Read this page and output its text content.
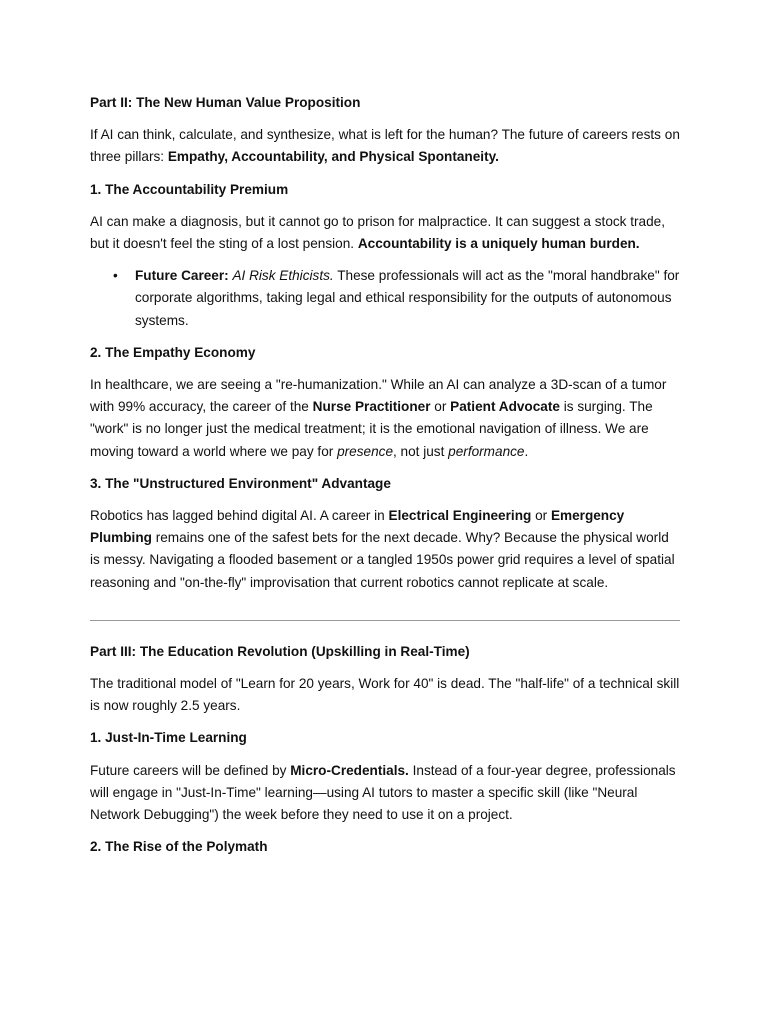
Part II: The New Human Value Proposition

If AI can think, calculate, and synthesize, what is left for the human? The future of careers rests on three pillars: Empathy, Accountability, and Physical Spontaneity.

1. The Accountability Premium

AI can make a diagnosis, but it cannot go to prison for malpractice. It can suggest a stock trade, but it doesn't feel the sting of a lost pension. Accountability is a uniquely human burden.

• Future Career: AI Risk Ethicists. These professionals will act as the "moral handbrake" for corporate algorithms, taking legal and ethical responsibility for the outputs of autonomous systems.

2. The Empathy Economy

In healthcare, we are seeing a "re-humanization." While an AI can analyze a 3D-scan of a tumor with 99% accuracy, the career of the Nurse Practitioner or Patient Advocate is surging. The "work" is no longer just the medical treatment; it is the emotional navigation of illness. We are moving toward a world where we pay for presence, not just performance.

3. The "Unstructured Environment" Advantage

Robotics has lagged behind digital AI. A career in Electrical Engineering or Emergency Plumbing remains one of the safest bets for the next decade. Why? Because the physical world is messy. Navigating a flooded basement or a tangled 1950s power grid requires a level of spatial reasoning and "on-the-fly" improvisation that current robotics cannot replicate at scale.

Part III: The Education Revolution (Upskilling in Real-Time)

The traditional model of "Learn for 20 years, Work for 40" is dead. The "half-life" of a technical skill is now roughly 2.5 years.

1. Just-In-Time Learning

Future careers will be defined by Micro-Credentials. Instead of a four-year degree, professionals will engage in "Just-In-Time" learning—using AI tutors to master a specific skill (like "Neural Network Debugging") the week before they need to use it on a project.

2. The Rise of the Polymath
